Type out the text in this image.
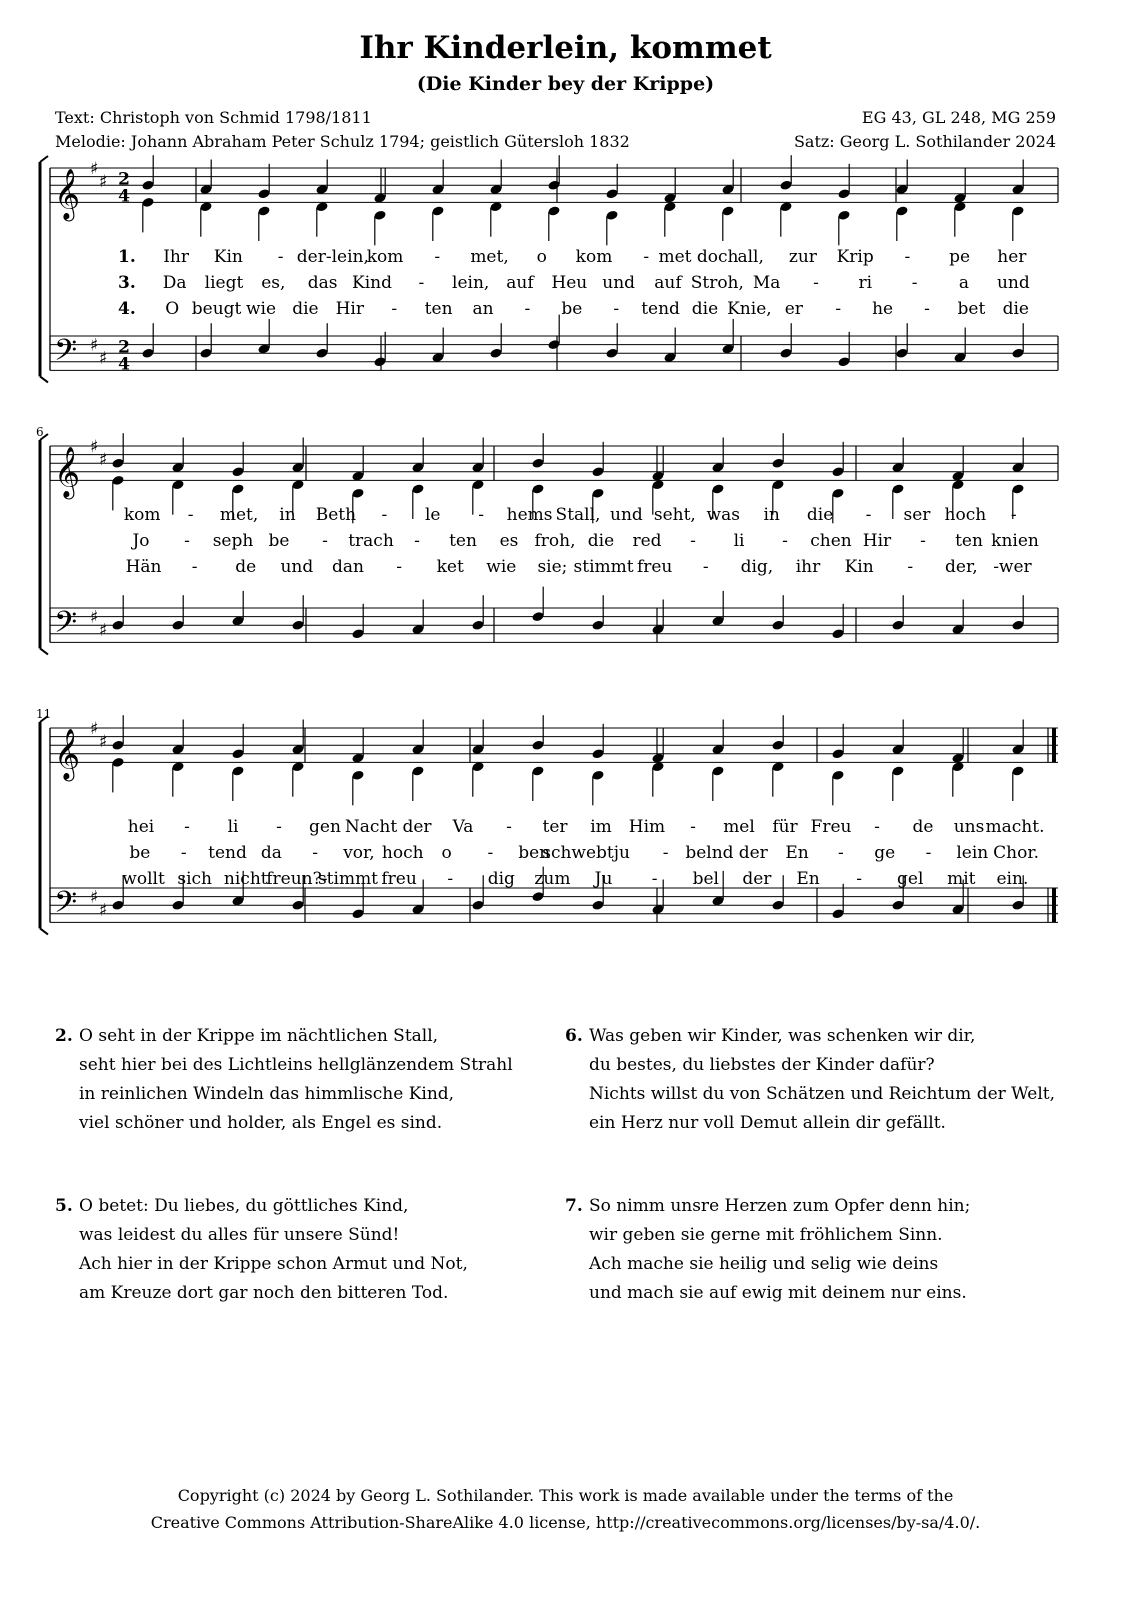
Ihr Kinderlein, kommet
(Die Kinder bey der Krippe)

Text: Christoph von Schmid 1798/1811

Melodie: Johann Abraham Peter Schulz 1794; geistlich Gütersloh 1832

EG 43, GL 248, MG 259

Satz: Georg L. Sothilander 2024

𝄞
𝄢
♯
♯
♯
♯
2
4
2
4
1. Ihr Kin - der-lein,
kom - met, o kom - met doch all, zur Krip - pe her
3. Da liegt es, das Kind - lein, auf Heu und auf Stroh, Ma - ri - a und
4. O beugt wie die Hir - ten an - be - tend die Knie, er - he - bet die
𝄞
𝄢
♯
♯
♯
♯
6
kom - met, in Beth - le - hems Stall, und seht, was in die - ser hoch -
Jo - seph be - trach - ten es froh, die red - li - chen Hir - ten knien
Hän - de und dan - ket wie sie; stimmt freu - dig, ihr Kin - der, -wer
𝄞
𝄢
♯
♯
♯
♯
11
hei - li - gen Nacht der Va - ter im Him - mel für Freu - de uns macht.
be - tend da - vor, hoch o - ben
schwebt ju - belnd der En - ge - lein Chor.
wollt sich nicht
freun?-
stimmt freu - dig zum Ju - bel der En - gel mit ein.
2. O seht in der Krippe im nächtlichen Stall,
seht hier bei des Lichtleins hellglänzendem Strahl
in reinlichen Windeln das himmlische Kind,
viel schöner und holder, als Engel es sind.
6. Was geben wir Kinder, was schenken wir dir,
du bestes, du liebstes der Kinder dafür?
Nichts willst du von Schätzen und Reichtum der Welt,
ein Herz nur voll Demut allein dir gefällt.
5. O betet: Du liebes, du göttliches Kind,
was leidest du alles für unsere Sünd!
Ach hier in der Krippe schon Armut und Not,
am Kreuze dort gar noch den bitteren Tod.
7. So nimm unsre Herzen zum Opfer denn hin;
wir geben sie gerne mit fröhlichem Sinn.
Ach mache sie heilig und selig wie deins
und mach sie auf ewig mit deinem nur eins.

Copyright (c) 2024 by Georg L. Sothilander. This work is made available under the terms of the
Creative Commons Attribution-ShareAlike 4.0 license, http://creativecommons.org/licenses/by-sa/4.0/.
